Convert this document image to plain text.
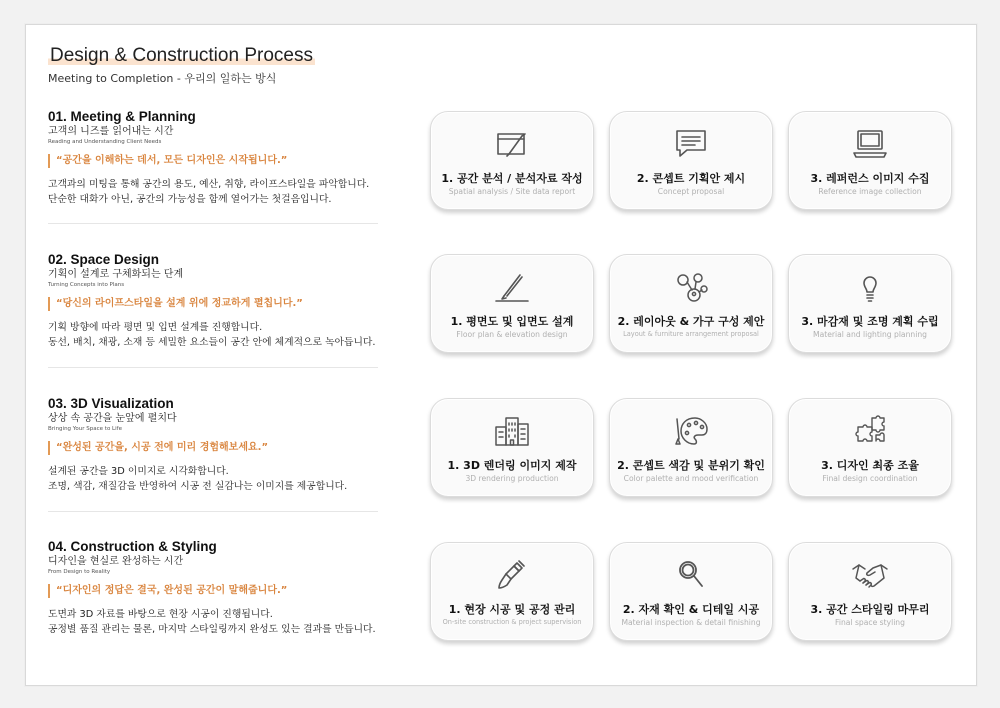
Design & Construction Process
Meeting to Completion - 우리의 일하는 방식
01. Meeting & Planning
고객의 니즈를 읽어내는 시간
Reading and Understanding Client Needs
“공간을 이해하는 데서, 모든 디자인은 시작됩니다.”
고객과의 미팅을 통해 공간의 용도, 예산, 취향, 라이프스타일을 파악합니다.
단순한 대화가 아닌, 공간의 가능성을 함께 열어가는 첫걸음입니다.
02. Space Design
기획이 설계로 구체화되는 단계
Turning Concepts into Plans
“당신의 라이프스타일을 설계 위에 정교하게 펼칩니다.”
기획 방향에 따라 평면 및 입면 설계를 진행합니다.
동선, 배치, 채광, 소재 등 세밀한 요소들이 공간 안에 체계적으로 녹아듭니다.
03. 3D Visualization
상상 속 공간을 눈앞에 펼치다
Bringing Your Space to Life
“완성된 공간을, 시공 전에 미리 경험해보세요.”
설계된 공간을 3D 이미지로 시각화합니다.
조명, 색감, 재질감을 반영하여 시공 전 실감나는 이미지를 제공합니다.
04. Construction & Styling
디자인을 현실로 완성하는 시간
From Design to Reality
“디자인의 정답은 결국, 완성된 공간이 말해줍니다.”
도면과 3D 자료를 바탕으로 현장 시공이 진행됩니다.
공정별 품질 관리는 물론, 마지막 스타일링까지 완성도 있는 결과를 만듭니다.
1. 공간 분석 / 분석자료 작성
Spatial analysis / Site data report
2. 콘셉트 기획안 제시
Concept proposal
3. 레퍼런스 이미지 수집
Reference image collection
1. 평면도 및 입면도 설계
Floor plan & elevation design
2. 레이아웃 & 가구 구성 제안
Layout & furniture arrangement proposal
3. 마감재 및 조명 계획 수립
Material and lighting planning
1. 3D 렌더링 이미지 제작
3D rendering production
2. 콘셉트 색감 및 분위기 확인
Color palette and mood verification
3. 디자인 최종 조율
Final design coordination
1. 현장 시공 및 공정 관리
On-site construction & project supervision
2. 자재 확인 & 디테일 시공
Material inspection & detail finishing
3. 공간 스타일링 마무리
Final space styling
